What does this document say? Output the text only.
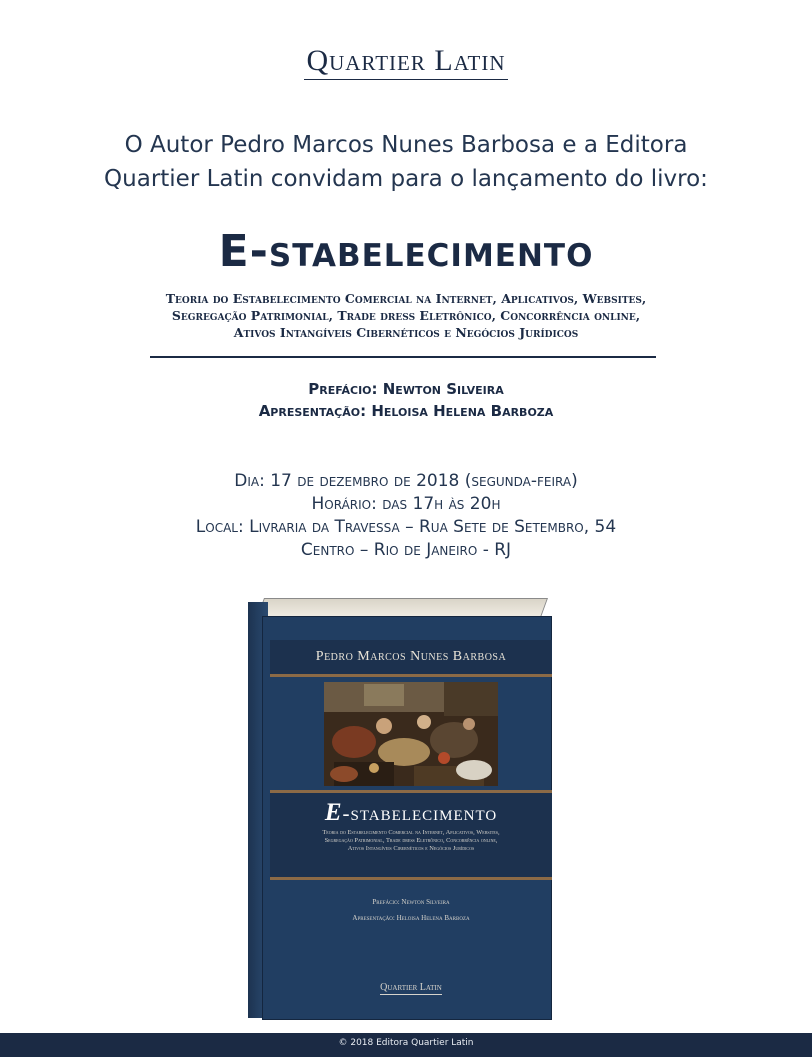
Quartier Latin
O Autor Pedro Marcos Nunes Barbosa e a Editora
Quartier Latin convidam para o lançamento do livro:
E-stabelecimento
Teoria do Estabelecimento Comercial na Internet, Aplicativos, Websites,
Segregação Patrimonial, Trade dress Eletrônico, Concorrência online,
Ativos Intangíveis Cibernéticos e Negócios Jurídicos
Prefácio: Newton Silveira
Apresentação: Heloisa Helena Barboza
Dia: 17 de dezembro de 2018 (segunda-feira)
Horário: das 17h às 20h
Local: Livraria da Travessa – Rua Sete de Setembro, 54
Centro – Rio de Janeiro - RJ
Pedro Marcos Nunes Barbosa
E-stabelecimento
Teoria do Estabelecimento Comercial na Internet, Aplicativos, Websites,
Segregação Patrimonial, Trade dress Eletrônico, Concorrência online,
Ativos Intangíveis Cibernéticos e Negócios Jurídicos
Prefácio: Newton Silveira
Apresentação: Heloisa Helena Barboza
Quartier Latin
© 2018 Editora Quartier Latin
